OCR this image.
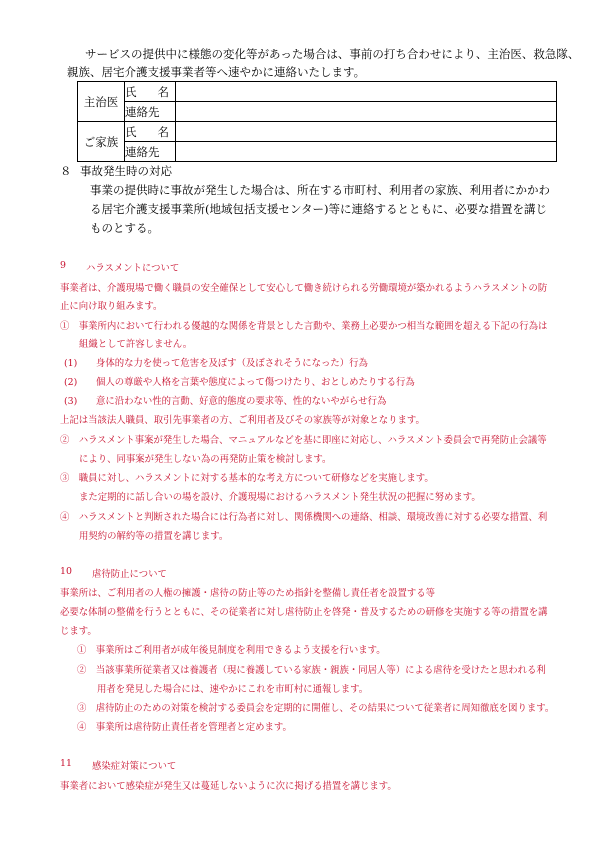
サービスの提供中に様態の変化等があった場合は、事前の打ち合わせにより、主治医、救急隊、
親族、居宅介護支援事業者等へ速やかに連絡いたします。
主治医	氏 名	

	連絡先	
ご家族	氏 名	

	連絡先	
８ 事故発生時の対応
事業の提供時に事故が発生した場合は、所在する市町村、利用者の家族、利用者にかかわ
る居宅介護支援事業所(地域包括支援センター)等に連絡するとともに、必要な措置を講じ
ものとする。
9 ハラスメントについて
事業者は、介護現場で働く職員の安全確保として安心して働き続けられる労働環境が築かれるようハラスメントの防
止に向け取り組みます。
①　事業所内において行われる優越的な関係を背景とした言動や、業務上必要かつ相当な範囲を超える下記の行為は
組織として許容しません。
(1)　　身体的な力を使って危害を及ぼす（及ぼされそうになった）行為
(2)　　個人の尊厳や人格を言葉や態度によって傷つけたり、おとしめたりする行為
(3)　　意に沿わない性的言動、好意的態度の要求等、性的ないやがらせ行為
上記は当該法人職員、取引先事業者の方、ご利用者及びその家族等が対象となります。
②　ハラスメント事案が発生した場合、マニュアルなどを基に即座に対応し、ハラスメント委員会で再発防止会議等
により、同事案が発生しない為の再発防止策を検討します。
③　職員に対し、ハラスメントに対する基本的な考え方について研修などを実施します。
また定期的に話し合いの場を設け、介護現場におけるハラスメント発生状況の把握に努めます。
④　ハラスメントと判断された場合には行為者に対し、関係機関への連絡、相談、環境改善に対する必要な措置、利
用契約の解約等の措置を講じます。
10 虐待防止について
事業所は、ご利用者の人権の擁護・虐待の防止等のため指針を整備し責任者を設置する等
必要な体制の整備を行うとともに、その従業者に対し虐待防止を啓発・普及するための研修を実施する等の措置を講
じます。
①　事業所はご利用者が成年後見制度を利用できるよう支援を行います。
②　当該事業所従業者又は養護者（現に養護している家族・親族・同居人等）による虐待を受けたと思われる利
用者を発見した場合には、速やかにこれを市町村に通報します。
③　虐待防止のための対策を検討する委員会を定期的に開催し、その結果について従業者に周知徹底を図ります。
④　事業所は虐待防止責任者を管理者と定めます。
11 感染症対策について
事業者において感染症が発生又は蔓延しないように次に掲げる措置を講じます。
